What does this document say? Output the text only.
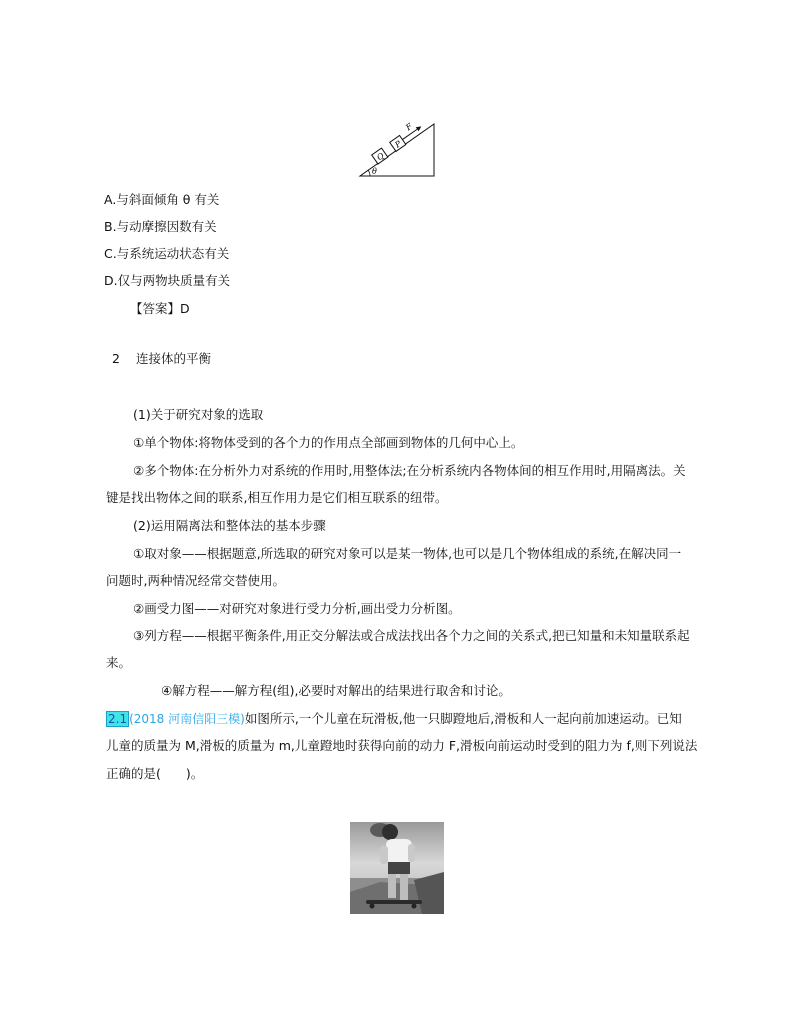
Q
P
F
θ
A.与斜面倾角 θ 有关
B.与动摩擦因数有关
C.与系统运动状态有关
D.仅与两物块质量有关
【答案】D
2 连接体的平衡
(1)关于研究对象的选取
①单个物体:将物体受到的各个力的作用点全部画到物体的几何中心上。
②多个物体:在分析外力对系统的作用时,用整体法;在分析系统内各物体间的相互作用时,用隔离法。关
键是找出物体之间的联系,相互作用力是它们相互联系的纽带。
(2)运用隔离法和整体法的基本步骤
①取对象——根据题意,所选取的研究对象可以是某一物体,也可以是几个物体组成的系统,在解决同一
问题时,两种情况经常交替使用。
②画受力图——对研究对象进行受力分析,画出受力分析图。
③列方程——根据平衡条件,用正交分解法或合成法找出各个力之间的关系式,把已知量和未知量联系起
来。
④解方程——解方程(组),必要时对解出的结果进行取舍和讨论。
2.1 (2018 河南信阳三模)如图所示,一个儿童在玩滑板,他一只脚蹬地后,滑板和人一起向前加速运动。已知
儿童的质量为 M,滑板的质量为 m,儿童蹬地时获得向前的动力 F,滑板向前运动时受到的阻力为 f,则下列说法
正确的是(　　)。
